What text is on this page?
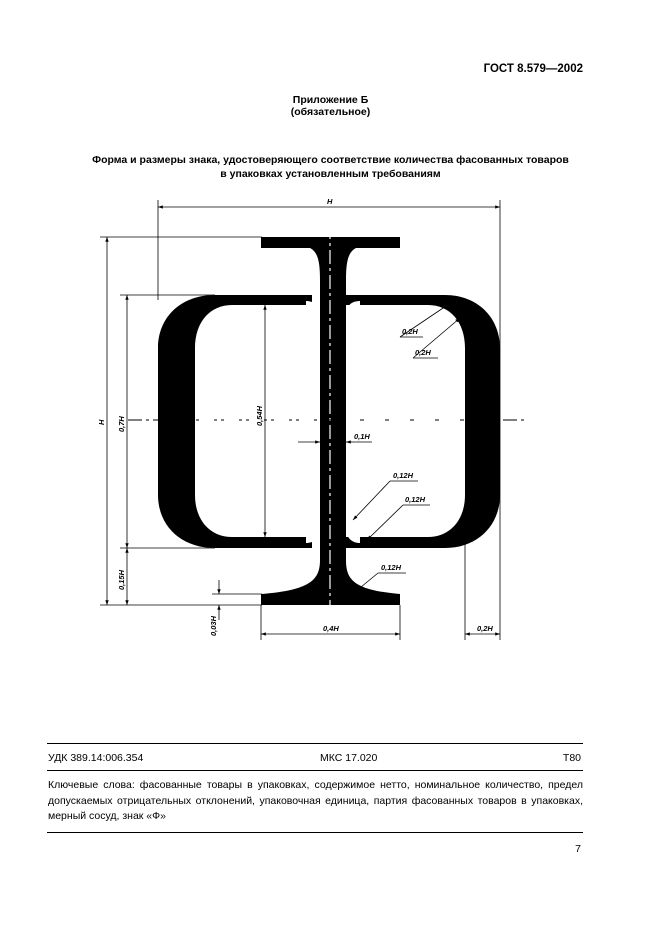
ГОСТ 8.579—2002
Приложение Б
(обязательное)
Форма и размеры знака, удостоверяющего соответствие количества фасованных товаров
в упаковках установленным требованиям
H
H 0,7H	0,54H
0,15H
0,03H
0,1H
0,2H
0,2H
0,12H
0,12H
0,12H
0,4H	0,2H
УДК 389.14:006.354	МКС 17.020	Т80
Ключевые слова: фасованные товары в упаковках, содержимое нетто, номинальное количество, предел допускаемых отрицательных отклонений, упаковочная единица, партия фасованных товаров в упаковках, мерный сосуд, знак «Ф»
7
